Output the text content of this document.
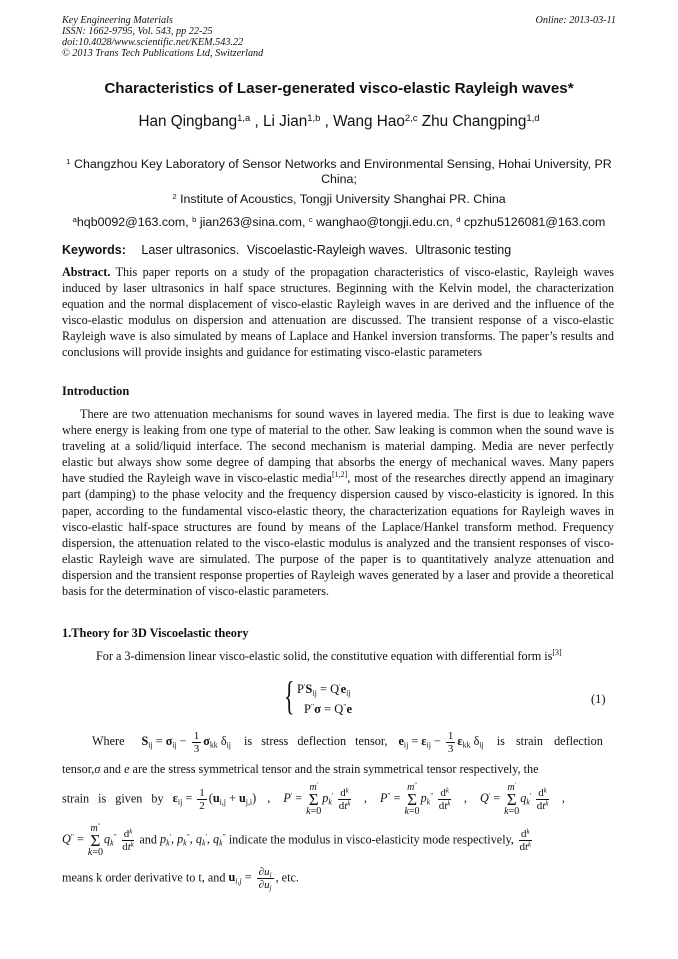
Key Engineering Materials
ISSN: 1662-9795, Vol. 543, pp 22-25
doi:10.4028/www.scientific.net/KEM.543.22
© 2013 Trans Tech Publications Ltd, Switzerland
Online: 2013-03-11
Characteristics of Laser-generated visco-elastic Rayleigh waves*
Han Qingbang$^{1,a}$ , Li Jian$^{1,b}$ , Wang Hao$^{2,c}$ Zhu Changping$^{1,d}$
$^1$ Changzhou Key Laboratory of Sensor Networks and Environmental Sensing, Hohai University, PR
China;
$^2$ Institute of Acoustics, Tongji University Shanghai PR. China
$^a$hqb0092@163.com, $^b$ jian263@sina.com, $^c$ wanghao@tongji.edu.cn, $^d$ cpzhu5126081@163.com
Keywords: Laser ultrasonics. Viscoelastic-Rayleigh waves. Ultrasonic testing
Abstract. This paper reports on a study of the propagation characteristics of visco-elastic, Rayleigh waves induced by laser ultrasonics in half space structures. Beginning with the Kelvin model, the characterization equation and the normal displacement of visco-elastic Rayleigh waves in are derived and the influence of the visco-elastic modulus on dispersion and attenuation are discussed. The transient response of a visco-elastic Rayleigh wave is also simulated by means of Laplace and Hankel inversion transforms. The paper’s results and conclusions will provide insights and guidance for estimating visco-elastic parameters
Introduction
There are two attenuation mechanisms for sound waves in layered media. The first is due to leaking wave where energy is leaking from one type of material to the other. Saw leaking is common when the sound wave is traveling at a solid/liquid interface. The second mechanism is material damping. Media are never perfectly elastic but always show some degree of damping that absorbs the energy of mechanical waves. Many papers have studied the Rayleigh wave in visco-elastic media[1,2], most of the researches directly append an imaginary part (damping) to the phase velocity and the frequency dispersion caused by visco-elasticity is ignored. In this paper, according to the fundamental visco-elastic theory, the characterization equations for Rayleigh waves in visco-elastic half-space structures are found by means of the Laplace/Hankel transform method. Frequency dispersion, the attenuation related to the visco-elastic modulus is analyzed and the transient responses of visco-elastic Rayleigh wave are simulated. The purpose of the paper is to quantitatively analyze attenuation and dispersion and the transient response properties of Rayleigh waves generated by a laser and provide a theoretical basis for the determination of visco-elastic parameters.
1.Theory for 3D Viscoelastic theory
For a 3-dimension linear visco-elastic solid, the constitutive equation with differential form is[3]
{ $P'S_{ij} = Q'e_{ij}$
P"σ = Q"e
(1)
Where $S_{ij} = \sigma_{ij} - \frac{1}{3} \sigma_{kk}$ $\delta_{ij}$ is stress deflection tensor, $e_{ij} = \varepsilon_{ij} - \frac{1}{3} \varepsilon_{kk}$ $\delta_{ij}$ is strain deflection
tensor,σ and e are the stress symmetrical tensor and the strain symmetrical tensor respectively, the
strain is given by $\varepsilon_{ij} = \frac{1}{2} (u_{i,j} + u_{j,i})$ , P' = m'
Σ
$k=0p_k' \frac{d^k}{dt^k}$ , P" = m"
Σ
$k=0p_k^" \frac{d^k}{dt^k}$ , Q' = m'
Σ
$k=0q_k' \frac{d^k}{dt^k}$ ,
Q" = m"
Σ
$k=0q_k^" \frac{d^k}{dt^k}$ and $p_k'$, $p_k^"$, $q_k'$, $q_k^"$ indicate the modulus in visco-elasticity mode respectively, $\frac{d^k}{dt^k}$
means k order derivative to t, and $u_{i,j} = \frac{\partial u_i}{\partial u_j}$ , etc.
